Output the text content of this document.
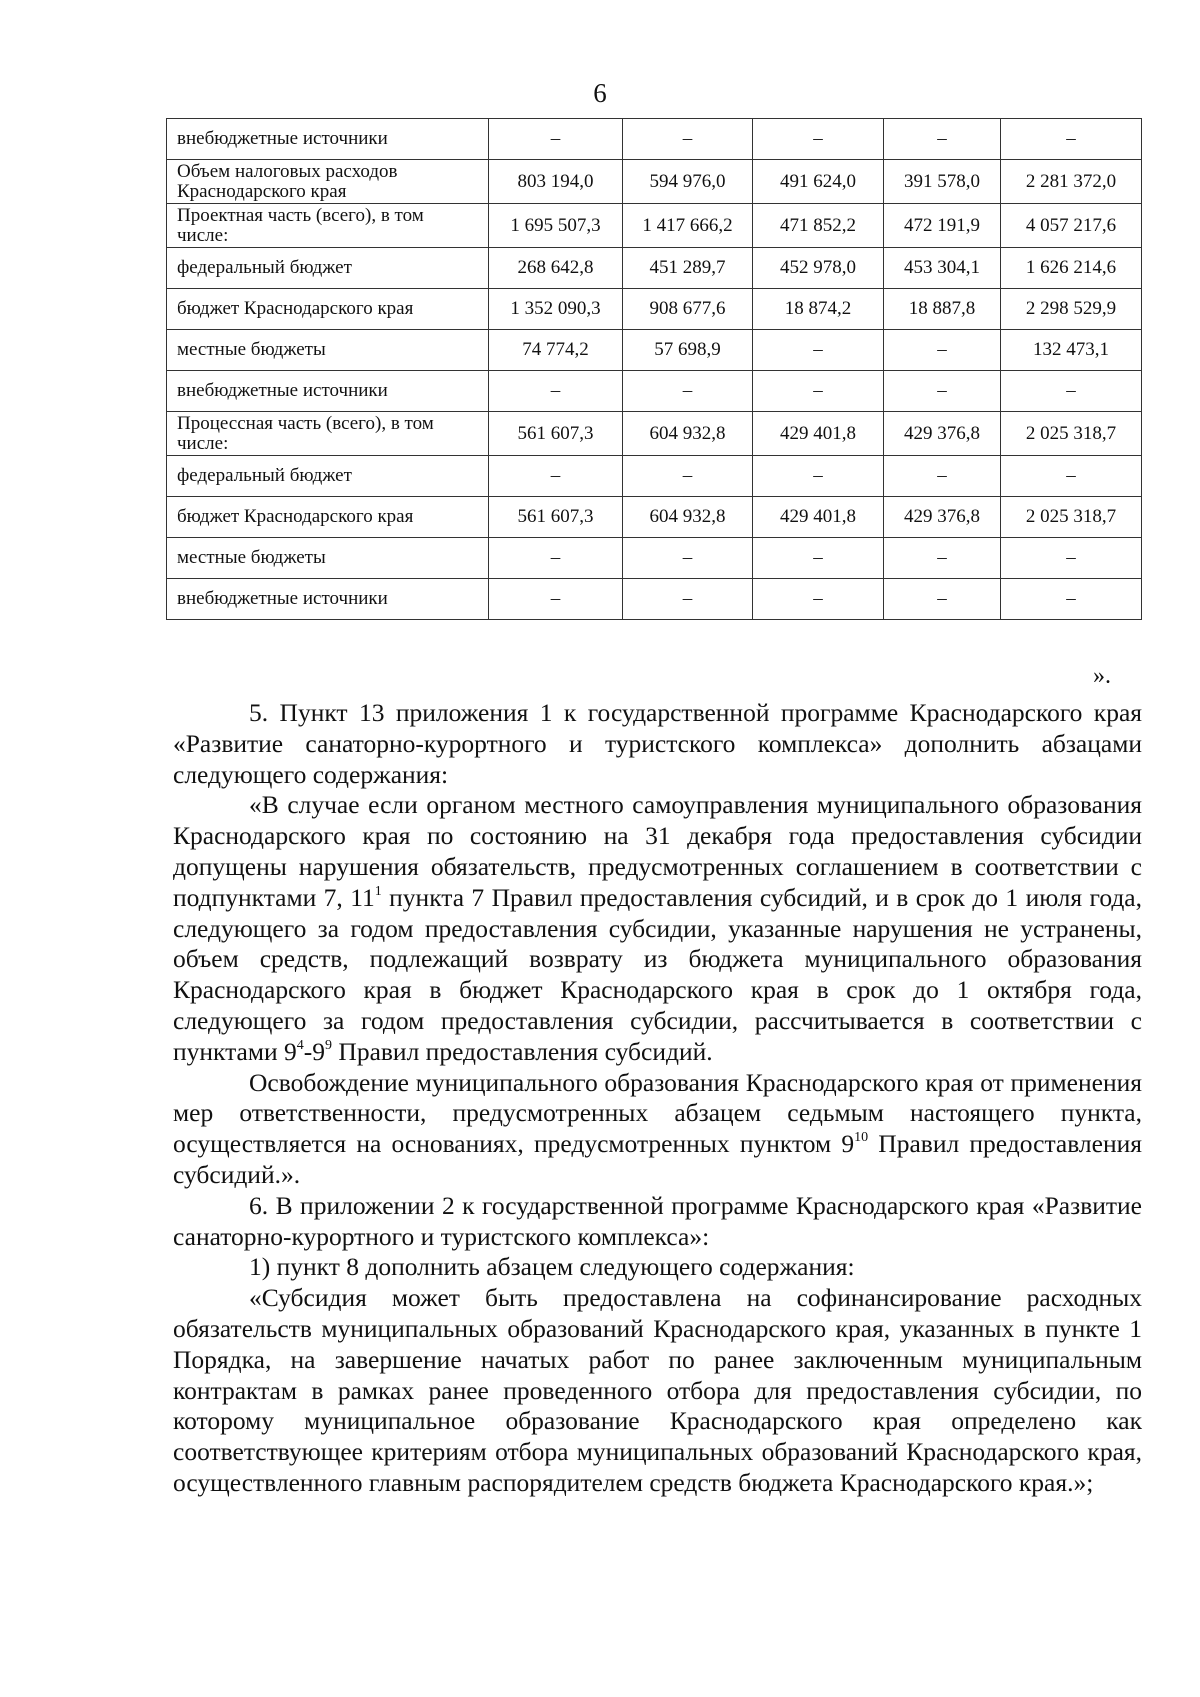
6
внебюджетные источники	–	–	–	–	–
Объем налоговых расходов Краснодарского края	803 194,0	594 976,0	491 624,0	391 578,0	2 281 372,0
Проектная часть (всего), в том числе:	1 695 507,3	1 417 666,2	471 852,2	472 191,9	4 057 217,6
федеральный бюджет	268 642,8	451 289,7	452 978,0	453 304,1	1 626 214,6
бюджет Краснодарского края	1 352 090,3	908 677,6	18 874,2	18 887,8	2 298 529,9
местные бюджеты	74 774,2	57 698,9	–	–	132 473,1
внебюджетные источники	–	–	–	–	–
Процессная часть (всего), в том числе:	561 607,3	604 932,8	429 401,8	429 376,8	2 025 318,7
федеральный бюджет	–	–	–	–	–
бюджет Краснодарского края	561 607,3	604 932,8	429 401,8	429 376,8	2 025 318,7
местные бюджеты	–	–	–	–	–
внебюджетные источники	–	–	–	–	–
».

5. Пункт 13 приложения 1 к государственной программе Краснодарского края «Развитие санаторно-курортного и туристского комплекса» дополнить абзацами следующего содержания:

«В случае если органом местного самоуправления муниципального образования Краснодарского края по состоянию на 31 декабря года предоставления субсидии допущены нарушения обязательств, предусмотренных соглашением в соответствии с подпунктами 7, $11^1$ пункта 7 Правил предоставления субсидий, и в срок до 1 июля года, следующего за годом предоставления субсидии, указанные нарушения не устранены, объем средств, подлежащий возврату из бюджета муниципального образования Краснодарского края в бюджет Краснодарского края в срок до 1 октября года, следующего за годом предоставления субсидии, рассчитывается в соответствии с пунктами $9^4-9^9$ Правил предоставления субсидий.

Освобождение муниципального образования Краснодарского края от применения мер ответственности, предусмотренных абзацем седьмым настоящего пункта, осуществляется на основаниях, предусмотренных пунктом $9^{10}$ Правил предоставления субсидий.».

6. В приложении 2 к государственной программе Краснодарского края «Развитие санаторно-курортного и туристского комплекса»:

1) пункт 8 дополнить абзацем следующего содержания:

«Субсидия может быть предоставлена на софинансирование расходных обязательств муниципальных образований Краснодарского края, указанных в пункте 1 Порядка, на завершение начатых работ по ранее заключенным муниципальным контрактам в рамках ранее проведенного отбора для предоставления субсидии, по которому муниципальное образование Краснодарского края определено как соответствующее критериям отбора муниципальных образований Краснодарского края, осуществленного главным распорядителем средств бюджета Краснодарского края.»;
